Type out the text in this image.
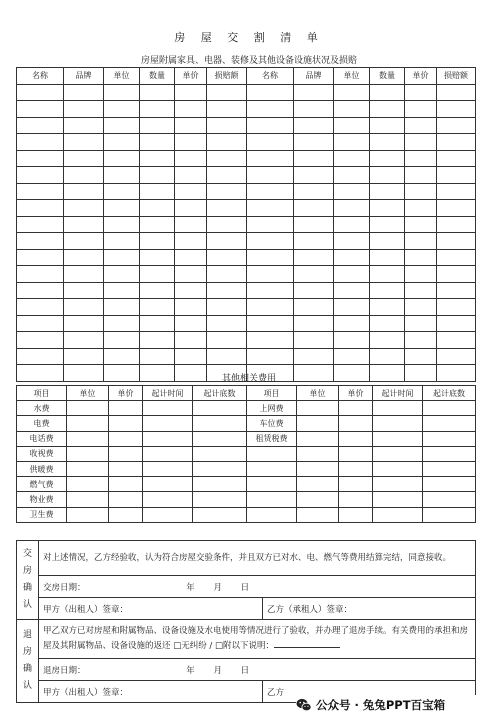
房 屋 交 割 清 单
房屋附属家具、电器、装修及其他设备设施状况及损赔
名称	品牌	单位	数量	单价	损赔额	名称	品牌	单位	数量	单价	损赔额

其他相关费用
项目	单位	单价	起计时间	起计底数	项目	单位	单价	起计时间	起计底数
水费					上网费				
电费					车位费				
电话费					租赁税费				
收视费									
供暖费									
燃气费									
物业费									
卫生费									
交
房
确
认	对上述情况，乙方经验收，认为符合房屋交验条件，并且双方已对水、电、燃气等费用结算完结，同意接收。	
	交房日期： 年 月 日	
	甲方（出租人）签章：	乙方（承租人）签章：
退
房
确
认	甲乙双方已对房屋和附属物品、设备设施及水电使用等情况进行了验收，并办理了退房手续。有关费用的承担和房屋及其附属物品、设备设施的返还 □无纠纷 / □附以下说明：	
	退房日期： 年 月 日	
	甲方（出租人）签章：	乙方
公众号 · 兔兔PPT百宝箱
